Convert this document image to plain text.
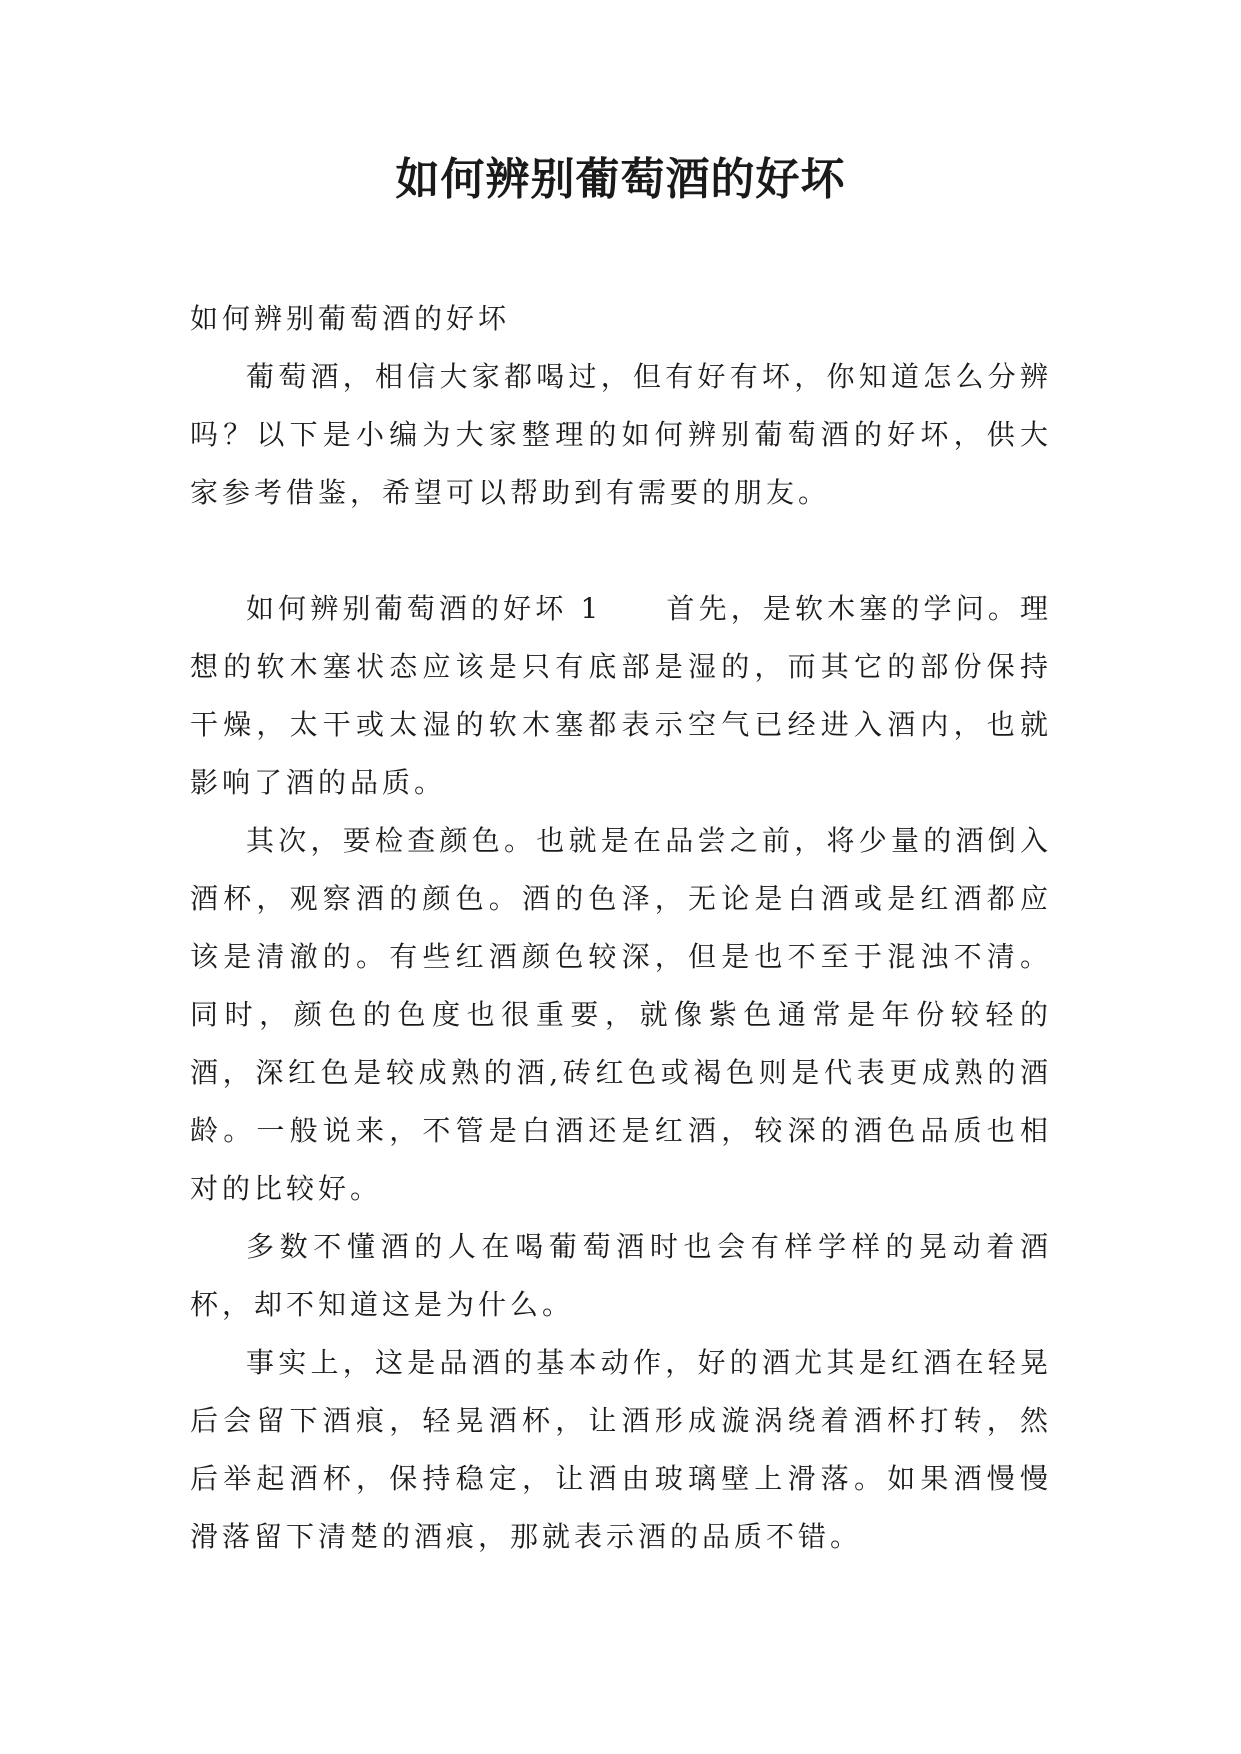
如何辨别葡萄酒的好坏

如何辨别葡萄酒的好坏

葡萄酒，相信大家都喝过，但有好有坏，你知道怎么分辨吗？以下是小编为大家整理的如何辨别葡萄酒的好坏，供大家参考借鉴，希望可以帮助到有需要的朋友。

如何辨别葡萄酒的好坏 1   首先，是软木塞的学问。理想的软木塞状态应该是只有底部是湿的，而其它的部份保持干燥，太干或太湿的软木塞都表示空气已经进入酒内，也就影响了酒的品质。

其次，要检查颜色。也就是在品尝之前，将少量的酒倒入酒杯，观察酒的颜色。酒的色泽，无论是白酒或是红酒都应该是清澈的。有些红酒颜色较深，但是也不至于混浊不清。同时，颜色的色度也很重要，就像紫色通常是年份较轻的酒，深红色是较成熟的酒,砖红色或褐色则是代表更成熟的酒龄。一般说来，不管是白酒还是红酒，较深的酒色品质也相对的比较好。

多数不懂酒的人在喝葡萄酒时也会有样学样的晃动着酒杯，却不知道这是为什么。

事实上，这是品酒的基本动作，好的酒尤其是红酒在轻晃后会留下酒痕，轻晃酒杯，让酒形成漩涡绕着酒杯打转，然后举起酒杯，保持稳定，让酒由玻璃壁上滑落。如果酒慢慢滑落留下清楚的酒痕，那就表示酒的品质不错。
